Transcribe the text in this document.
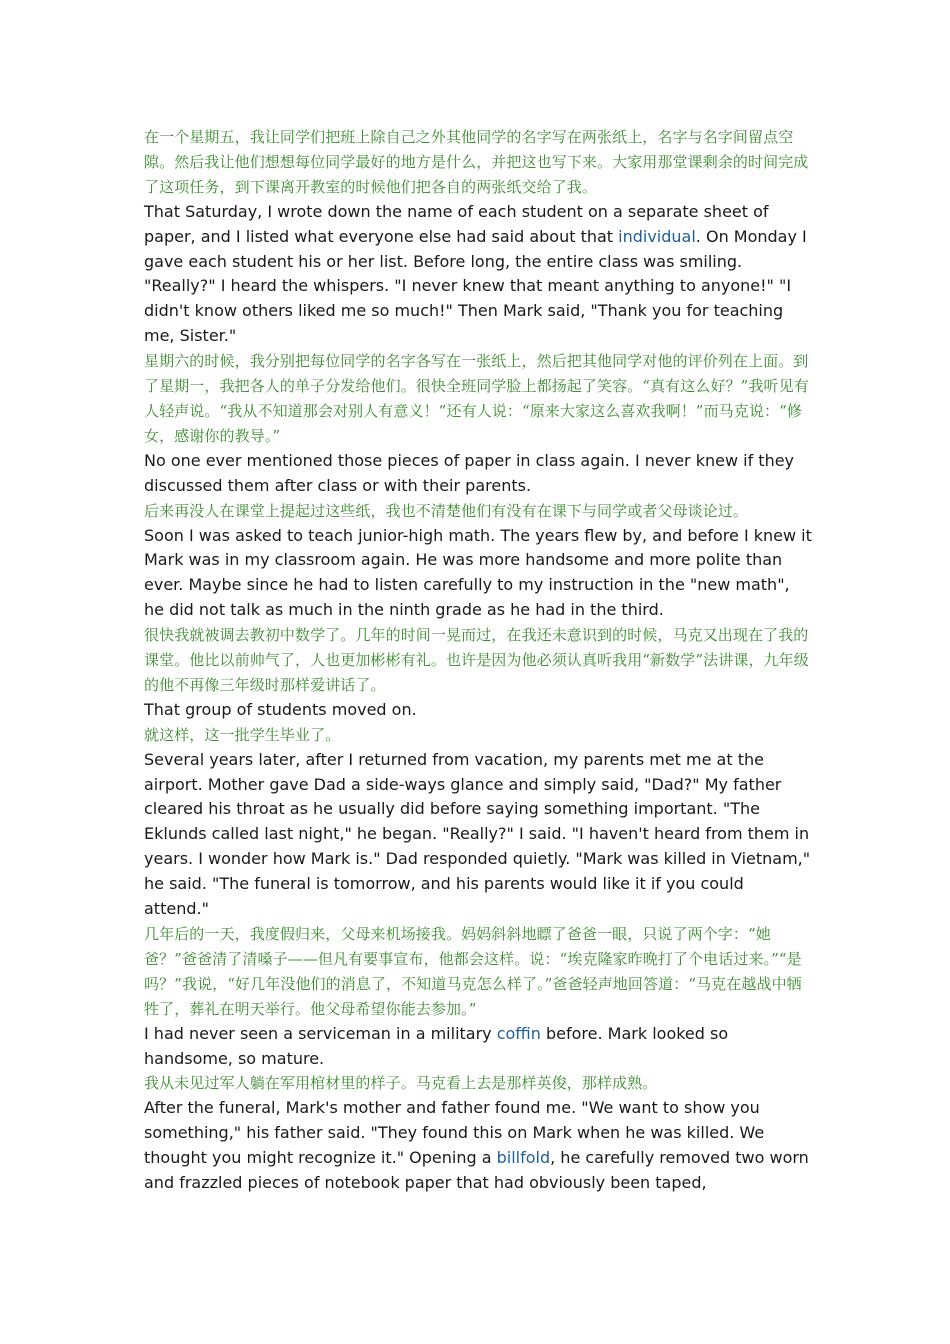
在一个星期五，我让同学们把班上除自己之外其他同学的名字写在两张纸上，名字与名字间留点空隙。然后我让他们想想每位同学最好的地方是什么，并把这也写下来。大家用那堂课剩余的时间完成了这项任务，到下课离开教室的时候他们把各自的两张纸交给了我。

That Saturday, I wrote down the name of each student on a separate sheet of paper, and I listed what everyone else had said about that individual. On Monday I gave each student his or her list. Before long, the entire class was smiling. "Really?" I heard the whispers. "I never knew that meant anything to anyone!" "I didn't know others liked me so much!" Then Mark said, "Thank you for teaching me, Sister."

星期六的时候，我分别把每位同学的名字各写在一张纸上，然后把其他同学对他的评价列在上面。到了星期一，我把各人的单子分发给他们。很快全班同学脸上都扬起了笑容。“真有这么好？”我听见有人轻声说。“我从不知道那会对别人有意义！”还有人说：“原来大家这么喜欢我啊！”而马克说：“修女，感谢你的教导。”

No one ever mentioned those pieces of paper in class again. I never knew if they discussed them after class or with their parents.

后来再没人在课堂上提起过这些纸，我也不清楚他们有没有在课下与同学或者父母谈论过。

Soon I was asked to teach junior-high math. The years flew by, and before I knew it Mark was in my classroom again. He was more handsome and more polite than ever. Maybe since he had to listen carefully to my instruction in the "new math", he did not talk as much in the ninth grade as he had in the third.

很快我就被调去教初中数学了。几年的时间一晃而过，在我还未意识到的时候，马克又出现在了我的课堂。他比以前帅气了，人也更加彬彬有礼。也许是因为他必须认真听我用“新数学”法讲课，九年级的他不再像三年级时那样爱讲话了。

That group of students moved on.

就这样，这一批学生毕业了。

Several years later, after I returned from vacation, my parents met me at the airport. Mother gave Dad a side-ways glance and simply said, "Dad?" My father cleared his throat as he usually did before saying something important. "The Eklunds called last night," he began. "Really?" I said. "I haven't heard from them in years. I wonder how Mark is." Dad responded quietly. "Mark was killed in Vietnam," he said. "The funeral is tomorrow, and his parents would like it if you could attend."

几年后的一天，我度假归来，父母来机场接我。妈妈斜斜地瞟了爸爸一眼，只说了两个字：“她爸？”爸爸清了清嗓子——但凡有要事宣布，他都会这样。说：“埃克隆家昨晚打了个电话过来。”“是吗？”我说，“好几年没他们的消息了，不知道马克怎么样了。”爸爸轻声地回答道：“马克在越战中牺牲了，葬礼在明天举行。他父母希望你能去参加。”

I had never seen a serviceman in a military coffin before. Mark looked so handsome, so mature.

我从未见过军人躺在军用棺材里的样子。马克看上去是那样英俊，那样成熟。

After the funeral, Mark's mother and father found me. "We want to show you something," his father said. "They found this on Mark when he was killed. We thought you might recognize it." Opening a billfold, he carefully removed two worn and frazzled pieces of notebook paper that had obviously been taped,
